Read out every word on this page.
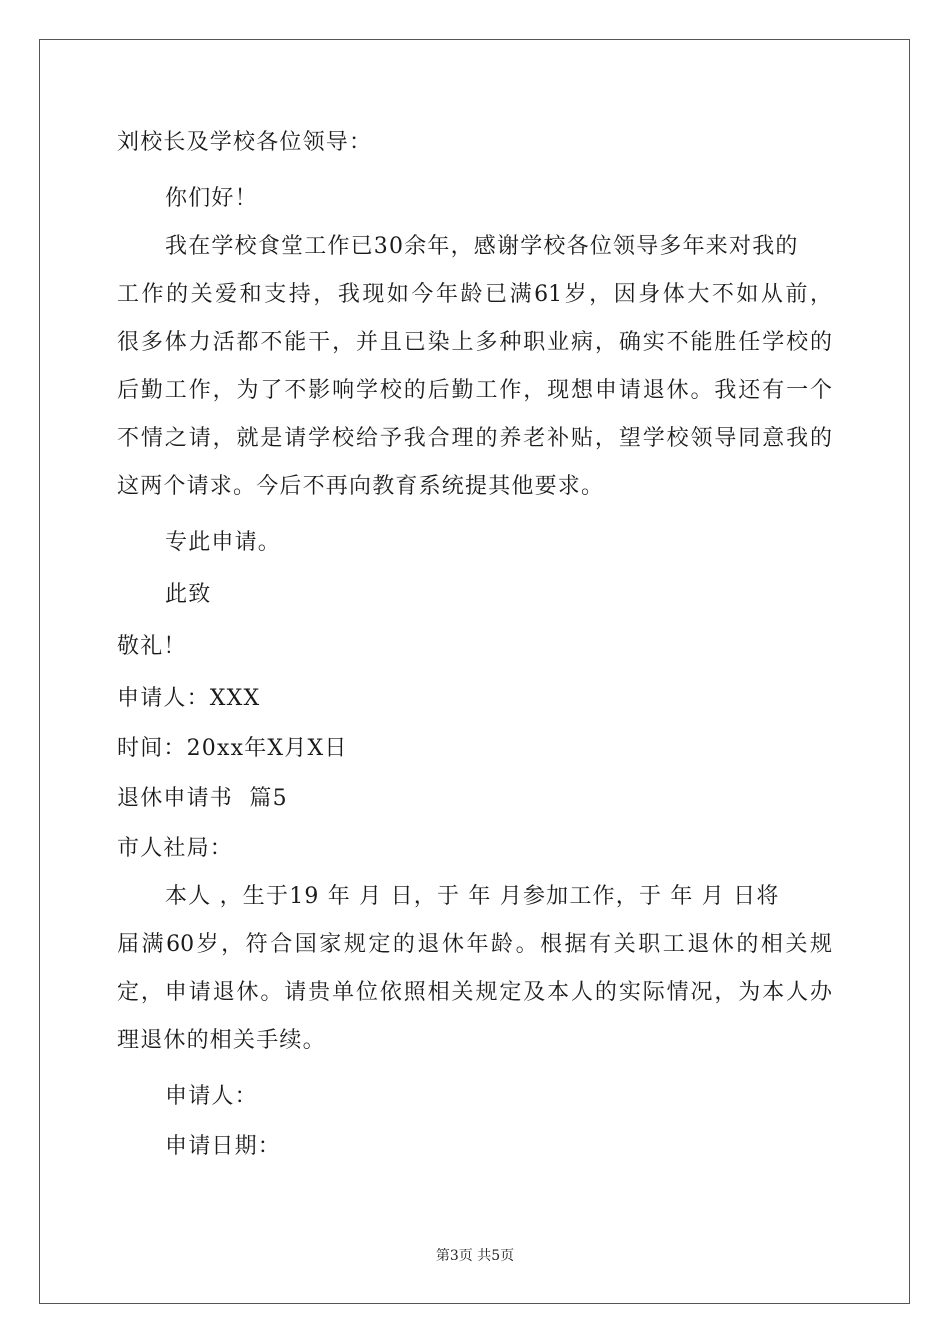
刘校长及学校各位领导：
你们好！
我在学校食堂工作已30余年，感谢学校各位领导多年来对我的
工作的关爱和支持，我现如今年龄已满61岁，因身体大不如从前，
很多体力活都不能干，并且已染上多种职业病，确实不能胜任学校的
后勤工作，为了不影响学校的后勤工作，现想申请退休。我还有一个
不情之请，就是请学校给予我合理的养老补贴，望学校领导同意我的
这两个请求。今后不再向教育系统提其他要求。
专此申请。
此致
敬礼！
申请人：XXX
时间：20xx年X月X日
退休申请书  篇5
市人社局：
本人 ，生于19 年 月 日，于 年 月参加工作，于 年 月 日将
届满60岁，符合国家规定的退休年龄。根据有关职工退休的相关规
定，申请退休。请贵单位依照相关规定及本人的实际情况，为本人办
理退休的相关手续。
申请人：
申请日期：
第3页 共5页
